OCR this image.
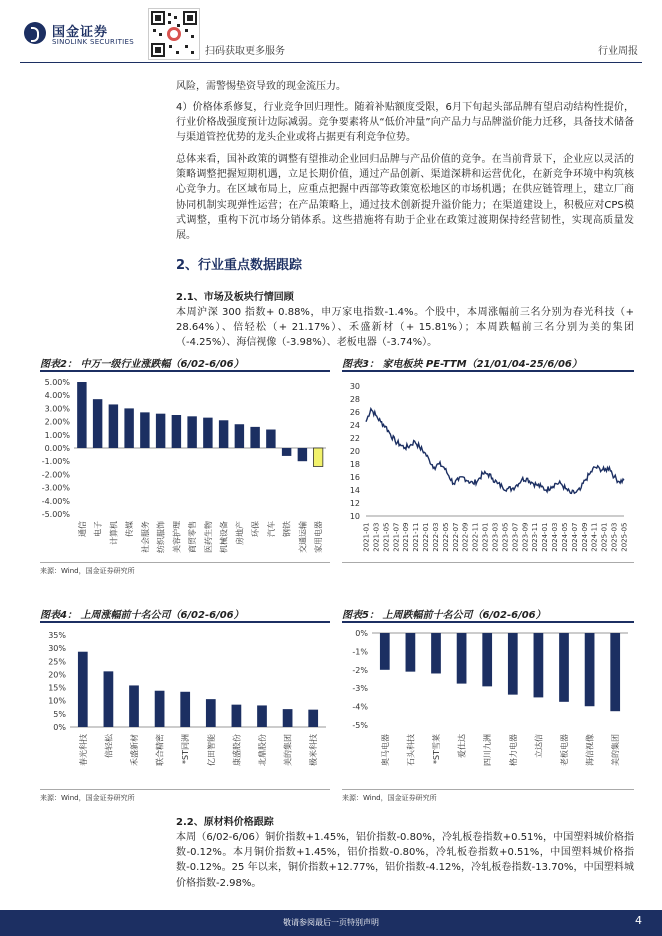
国金证券
SINOLINK SECURITIES
扫码获取更多服务	行业周报
风险，需警惕垫资导致的现金流压力。
4）价格体系修复，行业竞争回归理性。随着补贴额度受限，6月下旬起头部品牌有望启动结构性提价，行业价格战强度预计边际减弱。竞争要素将从“低价冲量”向产品力与品牌溢价能力迁移，具备技术储备与渠道管控优势的龙头企业或将占据更有利竞争位势。
总体来看，国补政策的调整有望推动企业回归品牌与产品价值的竞争。在当前背景下，企业应以灵活的策略调整把握短期机遇，立足长期价值，通过产品创新、渠道深耕和运营优化，在新竞争环境中构筑核心竞争力。在区域布局上，应重点把握中西部等政策宽松地区的市场机遇；在供应链管理上，建立厂商协同机制实现弹性运营；在产品策略上，通过技术创新提升溢价能力；在渠道建设上，积极应对CPS模式调整，重构下沉市场分销体系。这些措施将有助于企业在政策过渡期保持经营韧性，实现高质量发展。
2、行业重点数据跟踪
2.1、市场及板块行情回顾
本周沪深 300 指数+ 0.88%，申万家电指数-1.4%。个股中，本周涨幅前三名分别为春光科技（+ 28.64%）、倍轻松（+ 21.17%）、禾盛新材（+ 15.81%）；本周跌幅前三名分别为美的集团（-4.25%）、海信视像（-3.98%）、老板电器（-3.74%）。
图表2： 中万一级行业涨跌幅（6/02-6/06）
5.00%
4.00%
3.00%
2.00%
1.00%
0.00%
-1.00%
-2.00%
-3.00%
-4.00%
-5.00%
通信 电子 计算机 传媒 社会服务 纺织服饰 美容护理 商贸零售 医药生物 机械设备 房地产 环保 汽车 钢铁 交通运输 家用电器
来源：Wind，国金证券研究所
图表3： 家电板块 PE-TTM（21/01/04-25/6/06）
30
28
26
24
22
20
18
16
14
12
10
2021-01 2021-03 2021-05 2021-07 2021-09 2021-11 2022-01 2022-03 2022-05 2022-07 2022-09 2022-11 2023-01 2023-03 2023-05 2023-07 2023-09 2023-11 2024-01 2024-03 2024-05 2024-07 2024-09 2024-11 2025-01 2025-03 2025-05
图表4： 上周涨幅前十名公司（6/02-6/06）
35%
30%
25%
20%
15%
10%
5%
0%
春光科技 倍轻松 禾盛新材 联合精密 *ST同洲 亿田智能 康盛股份 北鼎股份 美的集团 极米科技
来源：Wind，国金证券研究所
图表5： 上周跌幅前十名公司（6/02-6/06）
0%
-1%
-2%
-3%
-4%
-5%
奥马电器 石头科技 *ST雪莱 爱仕达 四川九洲 格力电器 立达信 老板电器 海信视像 美的集团
来源：Wind，国金证券研究所
2.2、原材料价格跟踪
本周（6/02-6/06）铜价指数+1.45%，铝价指数-0.80%，冷轧板卷指数+0.51%，中国塑料城价格指数-0.12%。本月铜价指数+1.45%，铝价指数-0.80%，冷轧板卷指数+0.51%，中国塑料城价格指数-0.12%。25 年以来，铜价指数+12.77%，铝价指数-4.12%，冷轧板卷指数-13.70%，中国塑料城价格指数-2.98%。
敬请参阅最后一页特别声明	4
